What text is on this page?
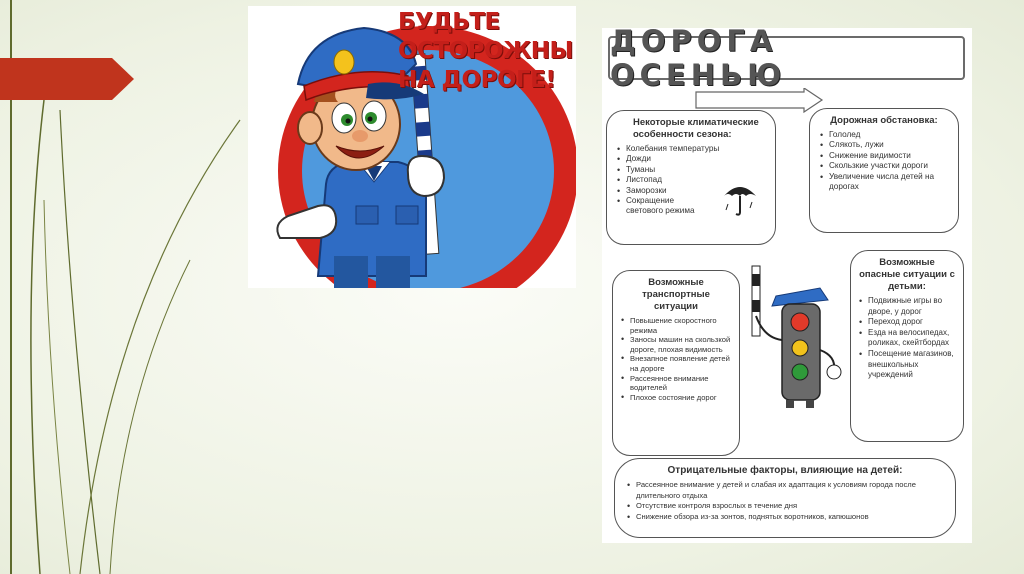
БУДЬТЕ
ОСТОРОЖНЫ
НА ДОРОГЕ!
ДОРОГА ОСЕНЬЮ
Некоторые климатические особенности сезона:
• Колебания температуры
• Дожди
• Туманы
• Листопад
• Заморозки
• Сокращение светового режима
Дорожная обстановка:
• Гололед
• Слякоть, лужи
• Снижение видимости
• Скользкие участки дороги
• Увеличение числа детей на дорогах
Возможные транспортные ситуации
• Повышение скоростного режима
• Заносы машин на скользкой дороге, плохая видимость
• Внезапное появление детей на дороге
• Рассеянное внимание водителей
• Плохое состояние дорог
Возможные опасные ситуации с детьми:
• Подвижные игры во дворе, у дорог
• Переход дорог
• Езда на велосипедах, роликах, скейтбордах
• Посещение магазинов, внешкольных учреждений
Отрицательные факторы, влияющие на детей:
• Рассеянное внимание у детей и слабая их адаптация к условиям города после длительного отдыха
• Отсутствие контроля взрослых в течение дня
• Снижение обзора из-за зонтов, поднятых воротников, капюшонов
